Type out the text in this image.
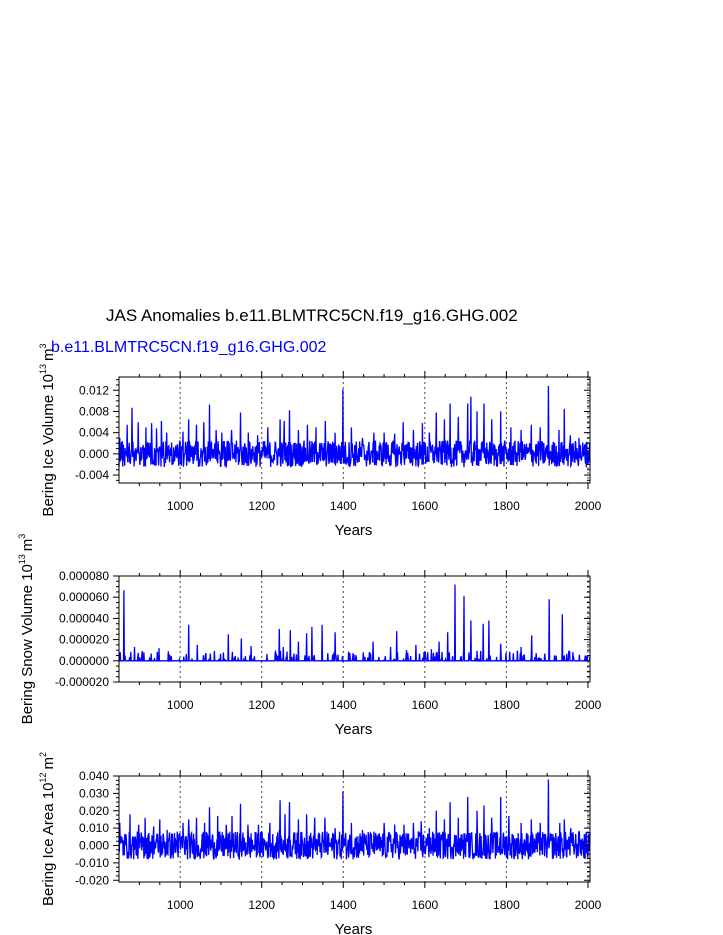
JAS Anomalies b.e11.BLMTRC5CN.f19_g16.GHG.002
b.e11.BLMTRC5CN.f19_g16.GHG.002
1000	1200	1400	1600	1800	2000
-0.004
0.000
0.004
0.008
0.012
Years
Bering Ice Volume $10^{13}m^3$
1000	1200	1400	1600	1800	2000
-0.000020
0.000000
0.000020
0.000040
0.000060
0.000080
Years
Bering Snow Volume $10^{13}m^3$
1000	1200	1400	1600	1800	2000
-0.020
-0.010
0.000
0.010
0.020
0.030
0.040
Years
Bering Ice Area $10^{12}m^2$
